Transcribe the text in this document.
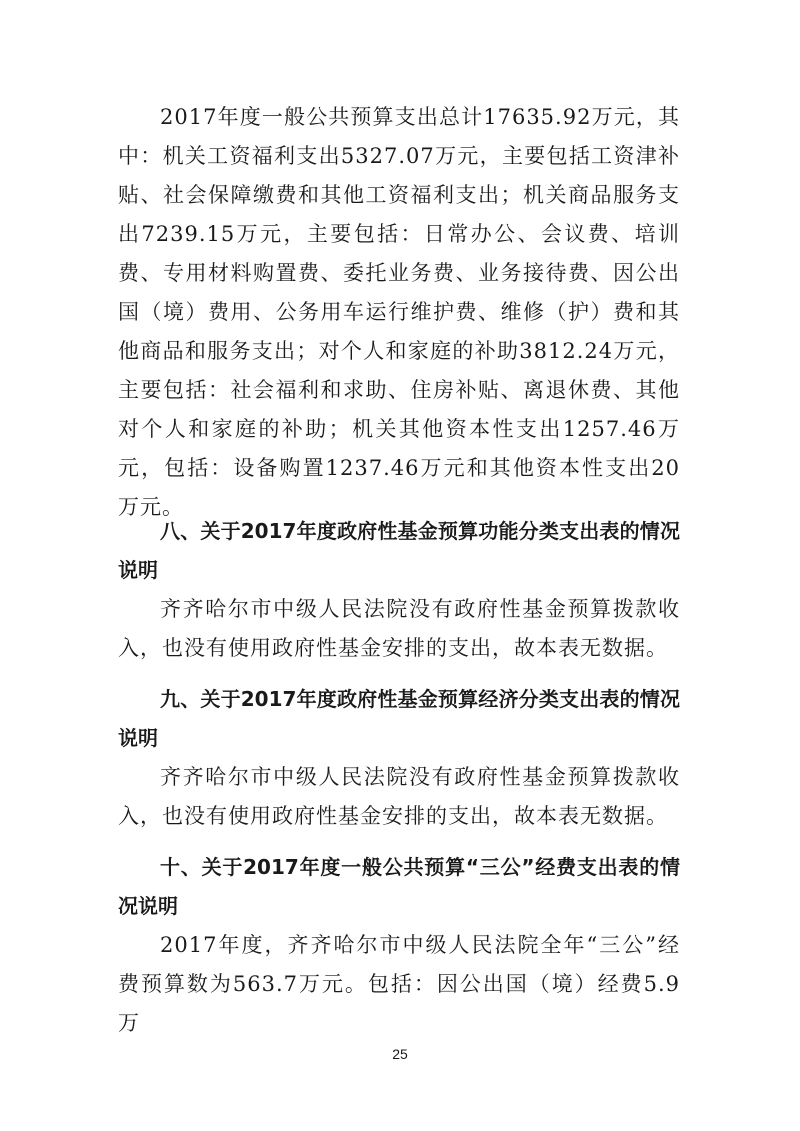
2017年度一般公共预算支出总计17635.92万元，其中：机关工资福利支出5327.07万元，主要包括工资津补贴、社会保障缴费和其他工资福利支出；机关商品服务支出7239.15万元，主要包括：日常办公、会议费、培训费、专用材料购置费、委托业务费、业务接待费、因公出国（境）费用、公务用车运行维护费、维修（护）费和其他商品和服务支出；对个人和家庭的补助3812.24万元，主要包括：社会福利和求助、住房补贴、离退休费、其他对个人和家庭的补助；机关其他资本性支出1257.46万元，包括：设备购置1237.46万元和其他资本性支出20万元。
八、关于2017年度政府性基金预算功能分类支出表的情况说明
齐齐哈尔市中级人民法院没有政府性基金预算拨款收入，也没有使用政府性基金安排的支出，故本表无数据。
九、关于2017年度政府性基金预算经济分类支出表的情况说明
齐齐哈尔市中级人民法院没有政府性基金预算拨款收入，也没有使用政府性基金安排的支出，故本表无数据。
十、关于2017年度一般公共预算“三公”经费支出表的情况说明
2017年度，齐齐哈尔市中级人民法院全年“三公”经费预算数为563.7万元。包括：因公出国（境）经费5.9万
25
